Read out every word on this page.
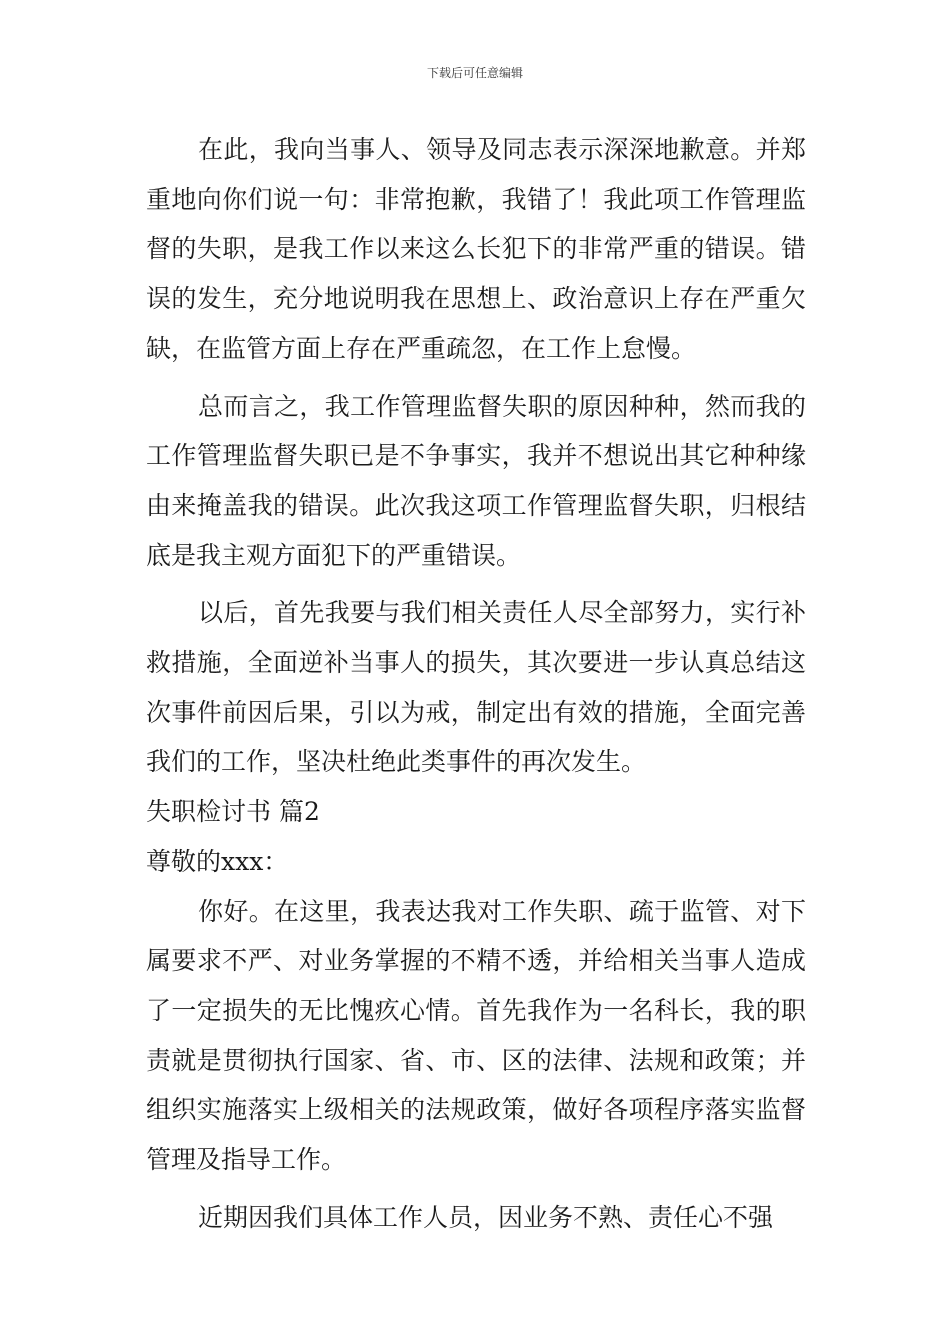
下载后可任意编辑

在此，我向当事人、领导及同志表示深深地歉意。并郑重地向你们说一句：非常抱歉，我错了！我此项工作管理监督的失职，是我工作以来这么长犯下的非常严重的错误。错误的发生，充分地说明我在思想上、政治意识上存在严重欠缺，在监管方面上存在严重疏忽，在工作上怠慢。

总而言之，我工作管理监督失职的原因种种，然而我的工作管理监督失职已是不争事实，我并不想说出其它种种缘由来掩盖我的错误。此次我这项工作管理监督失职，归根结底是我主观方面犯下的严重错误。

以后，首先我要与我们相关责任人尽全部努力，实行补救措施，全面逆补当事人的损失，其次要进一步认真总结这次事件前因后果，引以为戒，制定出有效的措施，全面完善我们的工作，坚决杜绝此类事件的再次发生。

失职检讨书 篇2

尊敬的xxx：

你好。在这里，我表达我对工作失职、疏于监管、对下属要求不严、对业务掌握的不精不透，并给相关当事人造成了一定损失的无比愧疚心情。首先我作为一名科长，我的职责就是贯彻执行国家、省、市、区的法律、法规和政策；并组织实施落实上级相关的法规政策，做好各项程序落实监督管理及指导工作。

近期因我们具体工作人员，因业务不熟、责任心不强
